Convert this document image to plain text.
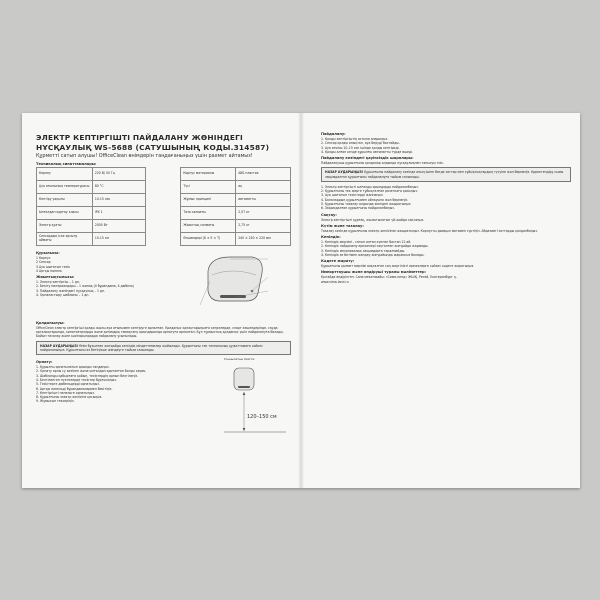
ЭЛЕКТР КЕПТІРГІШТІ ПАЙДАЛАНУ ЖӨНІНДЕГІ
НҰСҚАУЛЫҚ WS-5688 (САТУШЫНЫҢ КОДЫ.314587)
Құрметті сатып алушы! OfficeClean өнімдерін таңдағаныңыз үшін рахмет айтамыз!
Техникалық сипаттамалары:
Кернеу	220 В/ 50 Гц		Корпус материалы	ABS пластик
Ауа ағынының температурасы	80 °C		Түсі	ақ
Кептіру уақыты	10-15 сек		Жұмыс принципі	автоматты
Ылғалдан қорғау класы	IPX 1		Таза салмағы	2,57 кг
Электр қуаты	2000 Вт		Жиынтық салмағы	2,75 кг
Сенсордың іске қосылу аймағы	10-15 см		Өлшемдері (Б × Е × Т)	240 × 240 × 220 мм
Құрылысы:
1 Корпус
2 Сенсор
3 Ауа шығатын тесік
4 Артқы панель
Жиынтықтылығы:
1. Электр кептіргіш – 1 дн.
2. Бекіту материалдары – 1 жинақ (4 бұрандама, 4 дюбель)
3. Пайдалану жөніндегі нұсқаулық – 1 дн.
4. Орналастыру шаблоны – 1 дн.
Қолданылуы:

OfficeClean электр кептіргіші қолды жылы ауа ағынымен кептіруге арналған. Қолданыс қонақтарыңызға кеңселерде, спорт кешендерінде, сауда орталықтарында, кинотеатрларда және қоғамдық тамақтану орындарында орнатуға арналған. Бұл тұрмыстық қолданыс үшін пайдалануға болады. Бойын тазалау және кәсіпорындарда пайдалану ұсынылады.

НАЗАР АУДАРЫҢЫЗ! Өнім бұзылған жағдайда кепілдік міндеттемелер жойылады. Құрылғыны тек техникалық құжаттамаға сәйкес пайдаланыңыз. Құрылғыны өз бетіңізше жөндеуге тыйым салынады.
Орнату:
1. Құрылғы орнатылатын орынды таңдаңыз.
2. Орнату орны су көзінен және ылғалдан қорғалған болуы керек.
3. Шаблонды қабырғаға қойып, тесіктердің орнын белгілеңіз.
4. Белгіленген нүктелерде тесіктер бұрғылаңыз.
5. Тесіктерге дюбельдерді орнатыңыз.
6. Артқы панельді бұрандамалармен бекітіңіз.
7. Кептіргішті панельге орнатыңыз.
8. Құрылғыны электр желісіне қосыңыз.
9. Жұмысын тексеріңіз.
Ұсынылатын биіктік
120–150 см
Пайдалану:
1. Қолды кептіргіштің астына апарыңыз.
2. Сенсор қолды анықтап, ауа беруді бастайды.
3. Ауа ағыны 10–15 сек ішінде қолды кептіреді.
4. Қолды алған кезде құрылғы автоматты түрде өшеді.
Пайдалану кезіндегі қауіпсіздік шаралары:

Пайдаланушы құрылғыны қолданар алдында нұсқаулықпен танысуы тиіс.

НАЗАР АУДАРЫҢЫЗ! Құрылғыны пайдалану кезінде оның ішіне бөгде заттар мен сұйықтықтардың түсуіне жол бермеңіз. Қоректендіру сымы зақымдалған құрылғыны пайдалануға тыйым салынады.
1. Электр кептіргішті ылғалды орындарда пайдаланбаңыз.
2. Құрылғыны тек жерге тұйықталған розеткаға қосыңыз.
3. Ауа шығатын тесіктерді жаппаңыз.
4. Балалардың құрылғымен ойнауына жол бермеңіз.
5. Құрылғыны тазалау алдында желіден ажыратыңыз.
6. Зақымдалған құрылғыны пайдаланбаңыз.
Сақтау:

Электр кептіргішті құрғақ, жылытылатын үй-жайда сақтаңыз.

Күтім және тазалау:

Тазалау кезінде құрылғыны электр желісінен ажыратыңыз. Корпусты дымқыл матамен сүртіңіз. Абразивті заттарды қолданбаңыз.

Кепілдік:
1. Кепілдік мерзімі – сатып алған күннен бастап 12 ай.
2. Кепілдік пайдалану ережелері сақталған жағдайда жарамды.
3. Кепілдік механикалық зақымдарға таралмайды.
4. Кепілдік өз бетімен жөндеу жағдайында жарамсыз болады.
Кәдеге жарату:

Құрылғыны қызмет мерзімі аяқталған соң жергілікті ережелерге сәйкес кәдеге жаратыңыз.

Импорттаушы және өндіруші туралы мәліметтер:

Қытайда өндірілген. Сапа мекенжайы: «Сима-ленд» ЖШҚ, Ресей, Екатеринбург қ.

www.sima-land.ru
